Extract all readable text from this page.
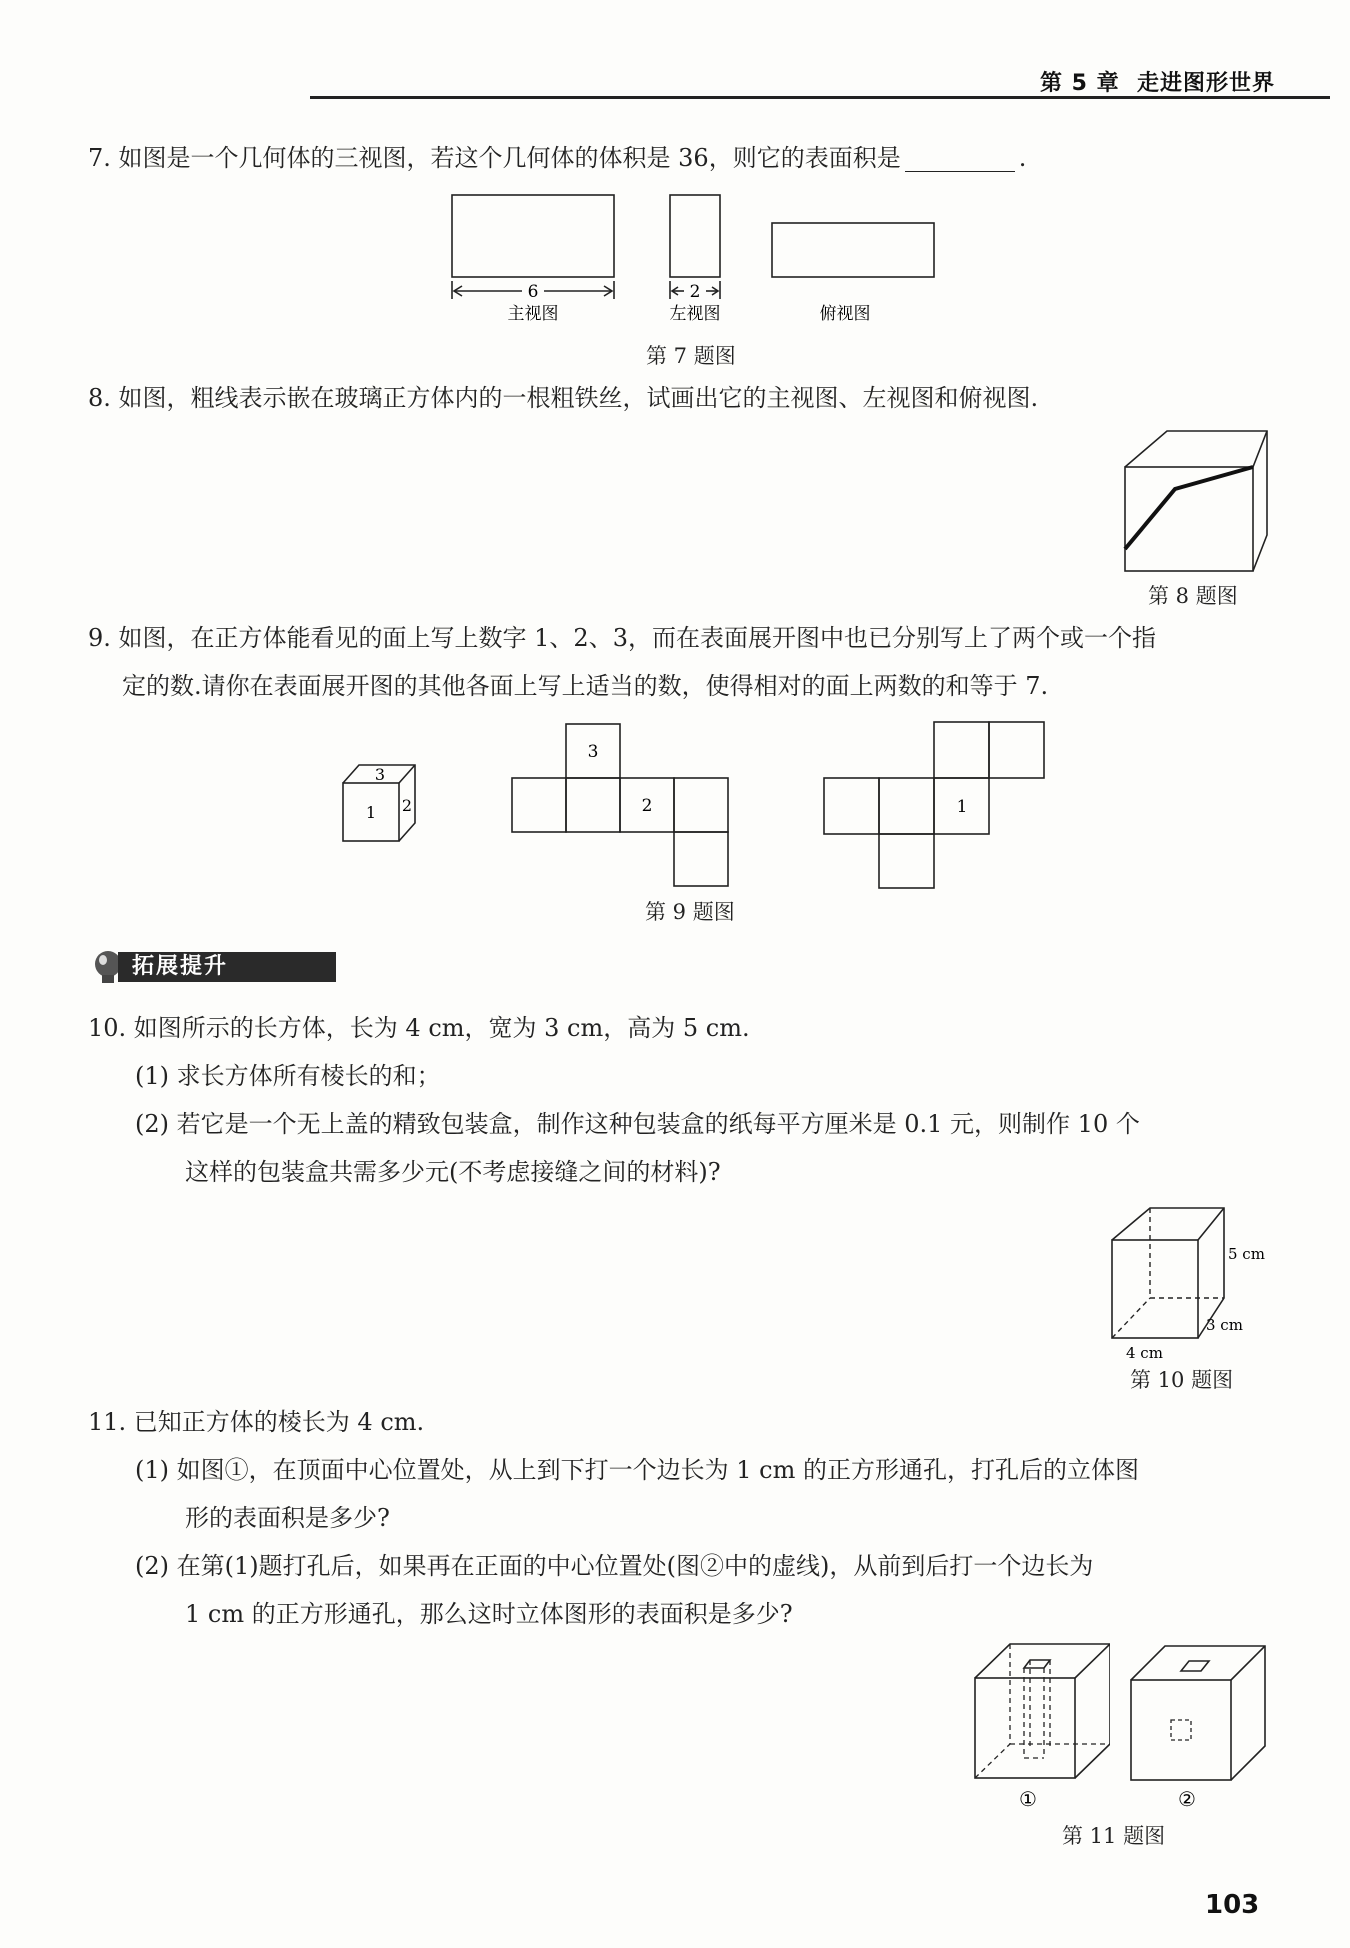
第 5 章 走进图形世界
7. 如图是一个几何体的三视图，若这个几何体的体积是 36，则它的表面积是	.
6	2
主视图	左视图	俯视图
第 7 题图
8. 如图，粗线表示嵌在玻璃正方体内的一根粗铁丝，试画出它的主视图、左视图和俯视图.
第 8 题图
9. 如图，在正方体能看见的面上写上数字 1、2、3，而在表面展开图中也已分别写上了两个或一个指
定的数.请你在表面展开图的其他各面上写上适当的数，使得相对的面上两数的和等于 7.
3
1 2
3
2	1
第 9 题图
拓展提升
10. 如图所示的长方体，长为 4 cm，宽为 3 cm，高为 5 cm.
(1) 求长方体所有棱长的和；
(2) 若它是一个无上盖的精致包装盒，制作这种包装盒的纸每平方厘米是 0.1 元，则制作 10 个
这样的包装盒共需多少元(不考虑接缝之间的材料)?
5 cm
3 cm
4 cm
第 10 题图
11. 已知正方体的棱长为 4 cm.
(1) 如图①，在顶面中心位置处，从上到下打一个边长为 1 cm 的正方形通孔，打孔后的立体图
形的表面积是多少?
(2) 在第(1)题打孔后，如果再在正面的中心位置处(图②中的虚线)，从前到后打一个边长为
1 cm 的正方形通孔，那么这时立体图形的表面积是多少?
①	②
第 11 题图
103
